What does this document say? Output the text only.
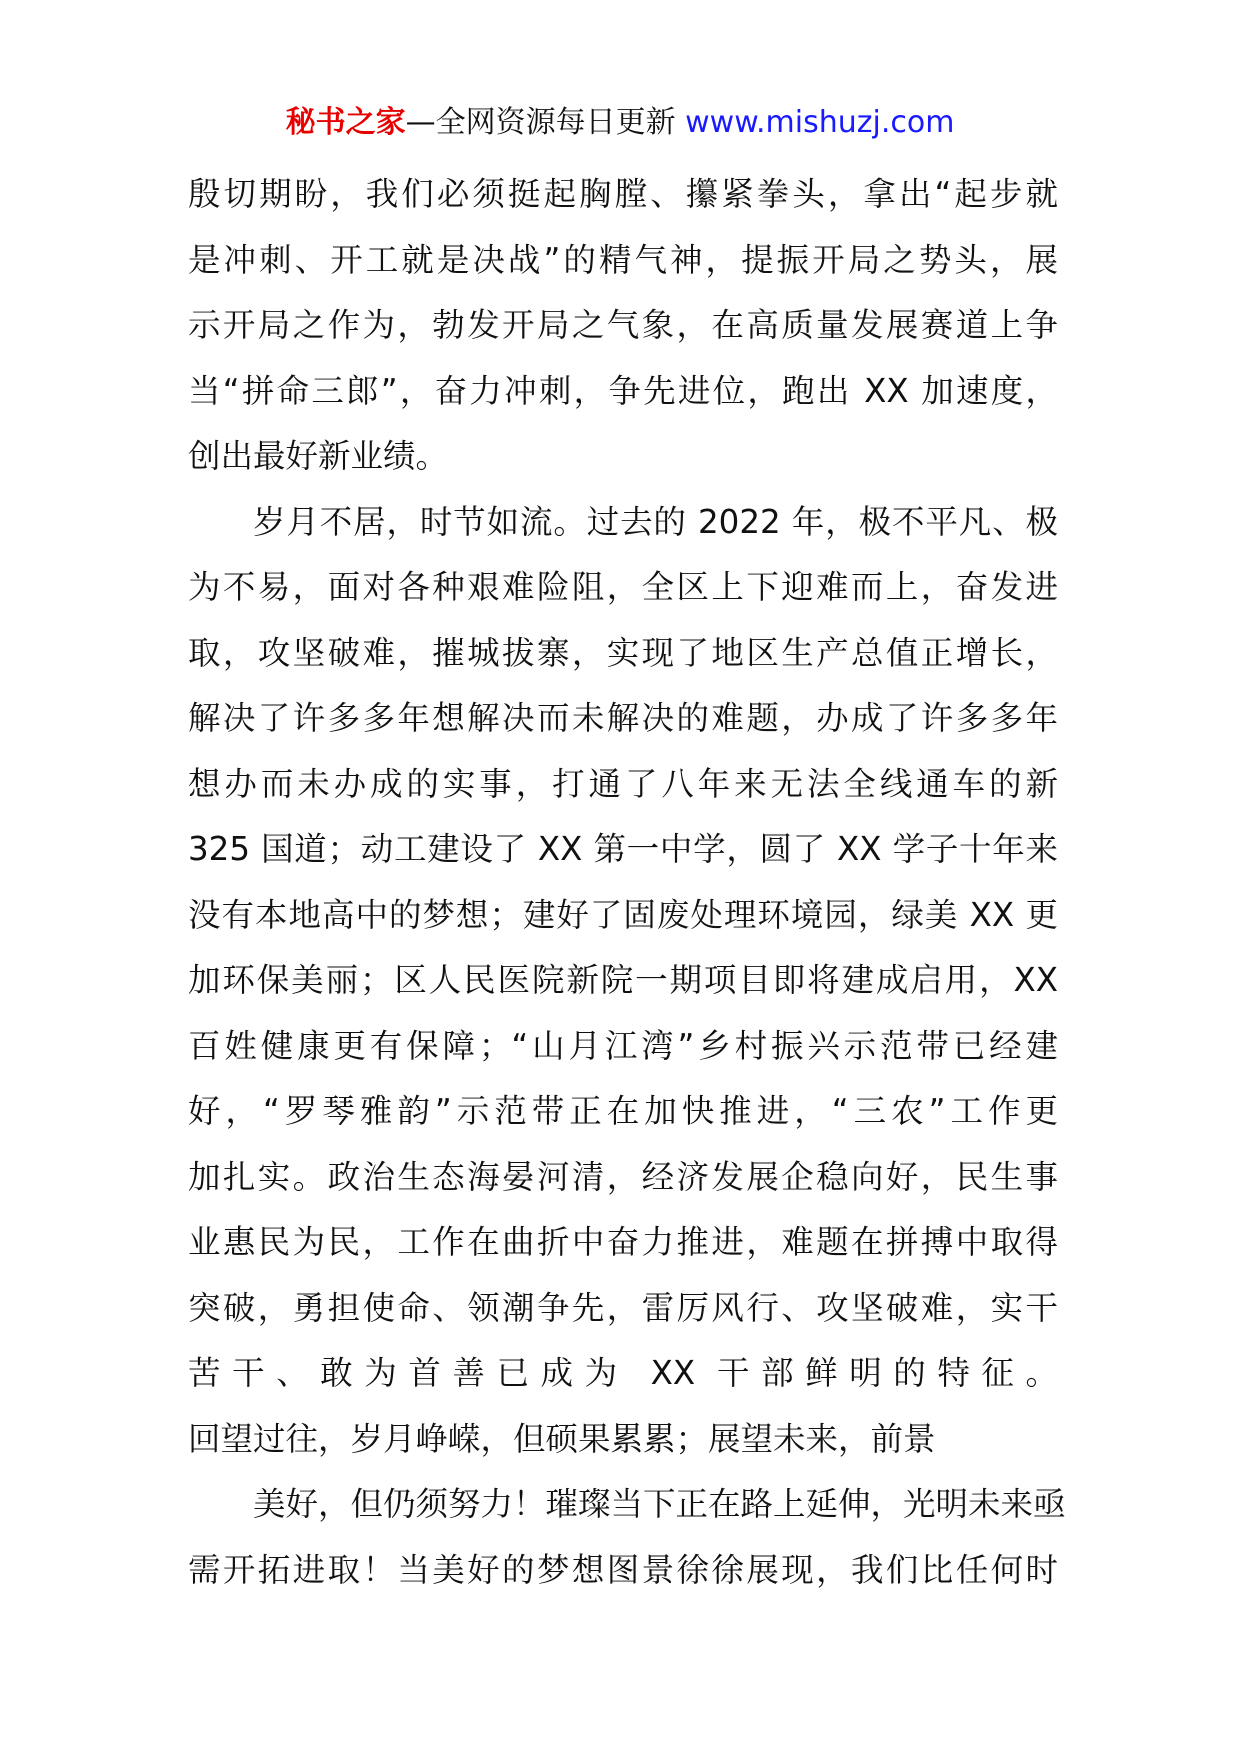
秘书之家—全网资源每日更新 www.mishuzj.com
殷切期盼，我们必须挺起胸膛、攥紧拳头，拿出“起步就
是冲刺、开工就是决战”的精气神，提振开局之势头，展
示开局之作为，勃发开局之气象，在高质量发展赛道上争
当“拼命三郎”，奋力冲刺，争先进位，跑出 XX 加速度，
创出最好新业绩。
岁月不居，时节如流。过去的 2022 年，极不平凡、极
为不易，面对各种艰难险阻，全区上下迎难而上，奋发进
取，攻坚破难，摧城拔寨，实现了地区生产总值正增长，
解决了许多多年想解决而未解决的难题，办成了许多多年
想办而未办成的实事，打通了八年来无法全线通车的新
325 国道；动工建设了 XX 第一中学，圆了 XX 学子十年来
没有本地高中的梦想；建好了固废处理环境园，绿美 XX 更
加环保美丽；区人民医院新院一期项目即将建成启用，XX
百姓健康更有保障；“山月江湾”乡村振兴示范带已经建
好，“罗琴雅韵”示范带正在加快推进，“三农”工作更
加扎实。政治生态海晏河清，经济发展企稳向好，民生事
业惠民为民，工作在曲折中奋力推进，难题在拼搏中取得
突破，勇担使命、领潮争先，雷厉风行、攻坚破难，实干
苦干、敢为首善已成为 XX 干部鲜明的特征。
回望过往，岁月峥嵘，但硕果累累；展望未来，前景
美好，但仍须努力！璀璨当下正在路上延伸，光明未来亟
需开拓进取！当美好的梦想图景徐徐展现，我们比任何时
